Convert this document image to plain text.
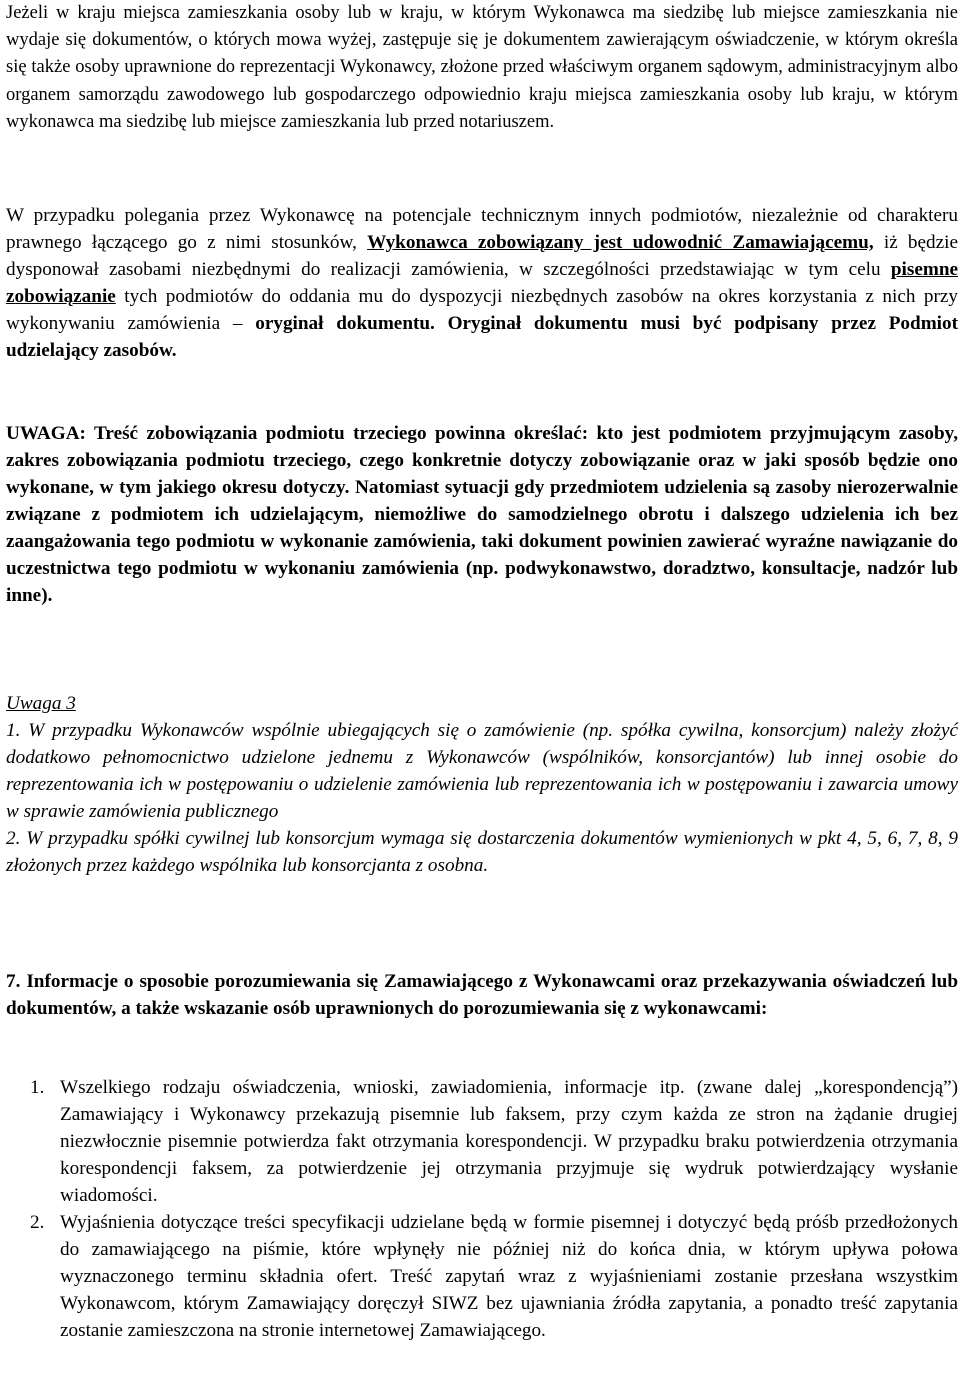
Jeżeli w kraju miejsca zamieszkania osoby lub w kraju, w którym Wykonawca ma siedzibę lub miejsce zamieszkania nie wydaje się dokumentów, o których mowa wyżej, zastępuje się je dokumentem zawierającym oświadczenie, w którym określa się także osoby uprawnione do reprezentacji Wykonawcy, złożone przed właściwym organem sądowym, administracyjnym albo organem samorządu zawodowego lub gospodarczego odpowiednio kraju miejsca zamieszkania osoby lub kraju, w którym wykonawca ma siedzibę lub miejsce zamieszkania lub przed notariuszem.

W przypadku polegania przez Wykonawcę na potencjale technicznym innych podmiotów, niezależnie od charakteru prawnego łączącego go z nimi stosunków, Wykonawca zobowiązany jest udowodnić Zamawiającemu, iż będzie dysponował zasobami niezbędnymi do realizacji zamówienia, w szczególności przedstawiając w tym celu pisemne zobowiązanie tych podmiotów do oddania mu do dyspozycji niezbędnych zasobów na okres korzystania z nich przy wykonywaniu zamówienia – oryginał dokumentu. Oryginał dokumentu musi być podpisany przez Podmiot udzielający zasobów.

UWAGA: Treść zobowiązania podmiotu trzeciego powinna określać: kto jest podmiotem przyjmującym zasoby, zakres zobowiązania podmiotu trzeciego, czego konkretnie dotyczy zobowiązanie oraz w jaki sposób będzie ono wykonane, w tym jakiego okresu dotyczy. Natomiast sytuacji gdy przedmiotem udzielenia są zasoby nierozerwalnie związane z podmiotem ich udzielającym, niemożliwe do samodzielnego obrotu i dalszego udzielenia ich bez zaangażowania tego podmiotu w wykonanie zamówienia, taki dokument powinien zawierać wyraźne nawiązanie do uczestnictwa tego podmiotu w wykonaniu zamówienia (np. podwykonawstwo, doradztwo, konsultacje, nadzór lub inne).

Uwaga 3
1. W przypadku Wykonawców wspólnie ubiegających się o zamówienie (np. spółka cywilna, konsorcjum) należy złożyć dodatkowo pełnomocnictwo udzielone jednemu z Wykonawców (wspólników, konsorcjantów) lub innej osobie do reprezentowania ich w postępowaniu o udzielenie zamówienia lub reprezentowania ich w postępowaniu i zawarcia umowy w sprawie zamówienia publicznego
2. W przypadku spółki cywilnej lub konsorcjum wymaga się dostarczenia dokumentów wymienionych w pkt 4, 5, 6, 7, 8, 9 złożonych przez każdego wspólnika lub konsorcjanta z osobna.

7. Informacje o sposobie porozumiewania się Zamawiającego z Wykonawcami oraz przekazywania oświadczeń lub dokumentów, a także wskazanie osób uprawnionych do porozumiewania się z wykonawcami:

1. Wszelkiego rodzaju oświadczenia, wnioski, zawiadomienia, informacje itp. (zwane dalej „korespondencją”) Zamawiający i Wykonawcy przekazują pisemnie lub faksem, przy czym każda ze stron na żądanie drugiej niezwłocznie pisemnie potwierdza fakt otrzymania korespondencji. W przypadku braku potwierdzenia otrzymania korespondencji faksem, za potwierdzenie jej otrzymania przyjmuje się wydruk potwierdzający wysłanie wiadomości.
2. Wyjaśnienia dotyczące treści specyfikacji udzielane będą w formie pisemnej i dotyczyć będą próśb przedłożonych do zamawiającego na piśmie, które wpłynęły nie później niż do końca dnia, w którym upływa połowa wyznaczonego terminu składnia ofert. Treść zapytań wraz z wyjaśnieniami zostanie przesłana wszystkim Wykonawcom, którym Zamawiający doręczył SIWZ bez ujawniania źródła zapytania, a ponadto treść zapytania zostanie zamieszczona na stronie internetowej Zamawiającego.
